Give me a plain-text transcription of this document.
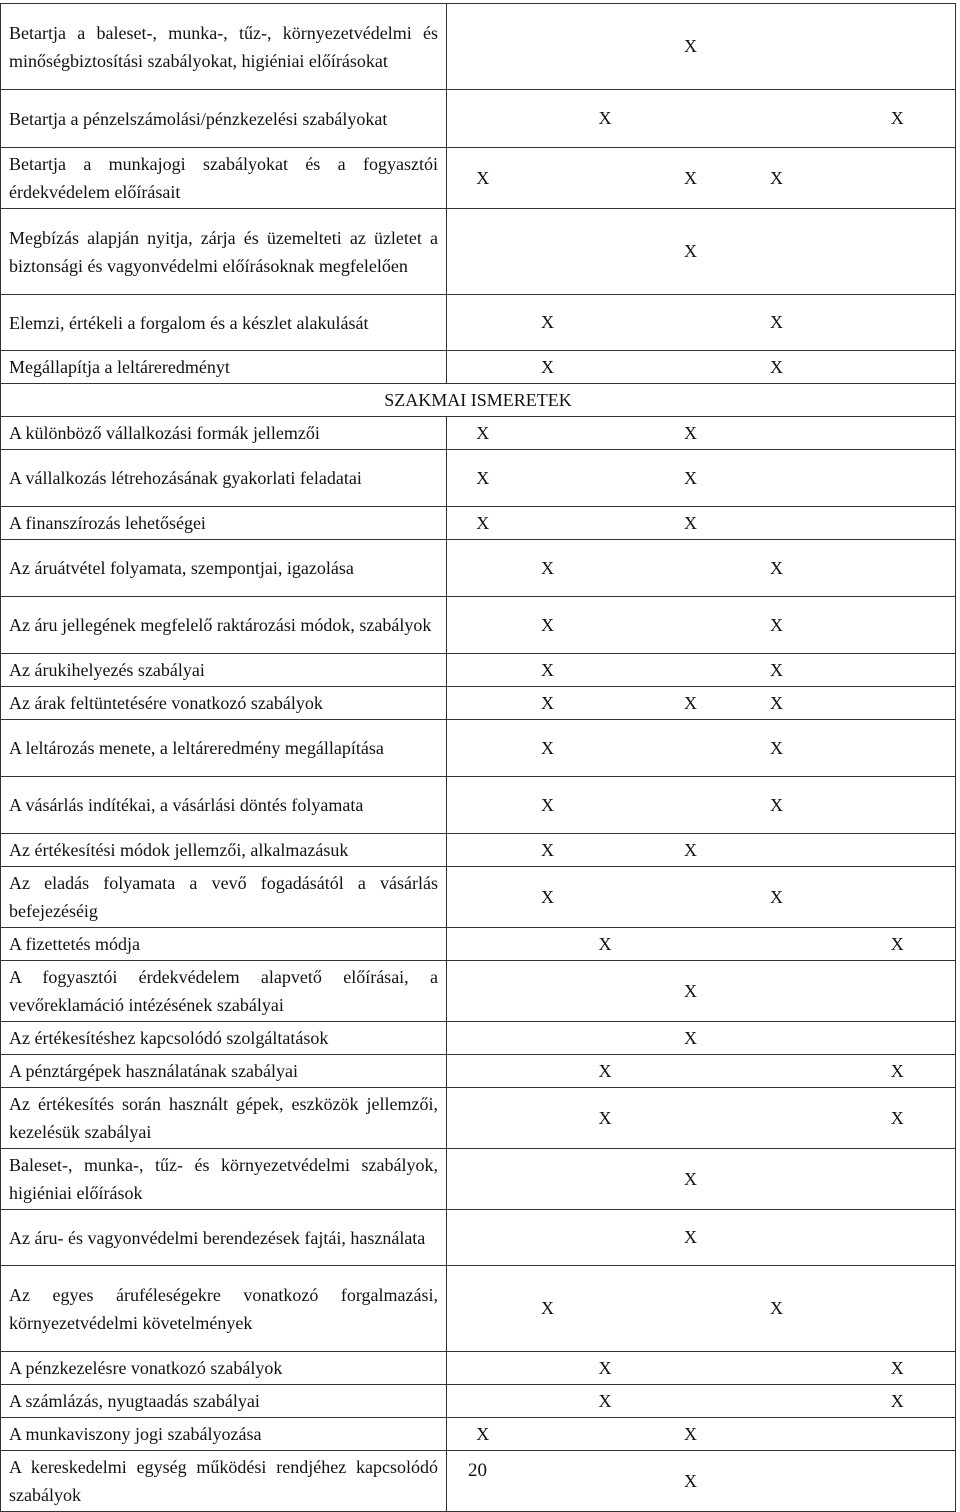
Betartja a baleset-, munka-, tűz-, környezetvédelmi és minőségbiztosítási szabályokat, higiéniai előírásokat				X			
Betartja a pénzelszámolási/pénzkezelési szabályokat			X				X
Betartja a munkajogi szabályokat és a fogyasztói érdekvédelem előírásait	X			X	X		
Megbízás alapján nyitja, zárja és üzemelteti az üzletet a biztonsági és vagyonvédelmi előírásoknak megfelelően				X			
Elemzi, értékeli a forgalom és a készlet alakulását		X			X		
Megállapítja a leltáreredményt		X			X		
SZAKMAI ISMERETEK							
A különböző vállalkozási formák jellemzői	X			X			
A vállalkozás létrehozásának gyakorlati feladatai	X			X			
A finanszírozás lehetőségei	X			X			
Az áruátvétel folyamata, szempontjai, igazolása		X			X		
Az áru jellegének megfelelő raktározási módok, szabályok		X			X		
Az árukihelyezés szabályai		X			X		
Az árak feltüntetésére vonatkozó szabályok		X		X	X		
A leltározás menete, a leltáreredmény megállapítása		X			X		
A vásárlás indítékai, a vásárlási döntés folyamata		X			X		
Az értékesítési módok jellemzői, alkalmazásuk		X		X			
Az eladás folyamata a vevő fogadásától a vásárlás befejezéséig		X			X		
A fizettetés módja			X				X
A fogyasztói érdekvédelem alapvető előírásai, a vevőreklamáció intézésének szabályai				X			
Az értékesítéshez kapcsolódó szolgáltatások				X			
A pénztárgépek használatának szabályai			X				X
Az értékesítés során használt gépek, eszközök jellemzői, kezelésük szabályai			X				X
Baleset-, munka-, tűz- és környezetvédelmi szabályok, higiéniai előírások				X			
Az áru- és vagyonvédelmi berendezések fajtái, használata				X			
Az egyes áruféleségekre vonatkozó forgalmazási, környezetvédelmi követelmények		X			X		
A pénzkezelésre vonatkozó szabályok			X				X
A számlázás, nyugtaadás szabályai			X				X
A munkaviszony jogi szabályozása	X			X			
A kereskedelmi egység működési rendjéhez kapcsolódó szabályok				X			
20
